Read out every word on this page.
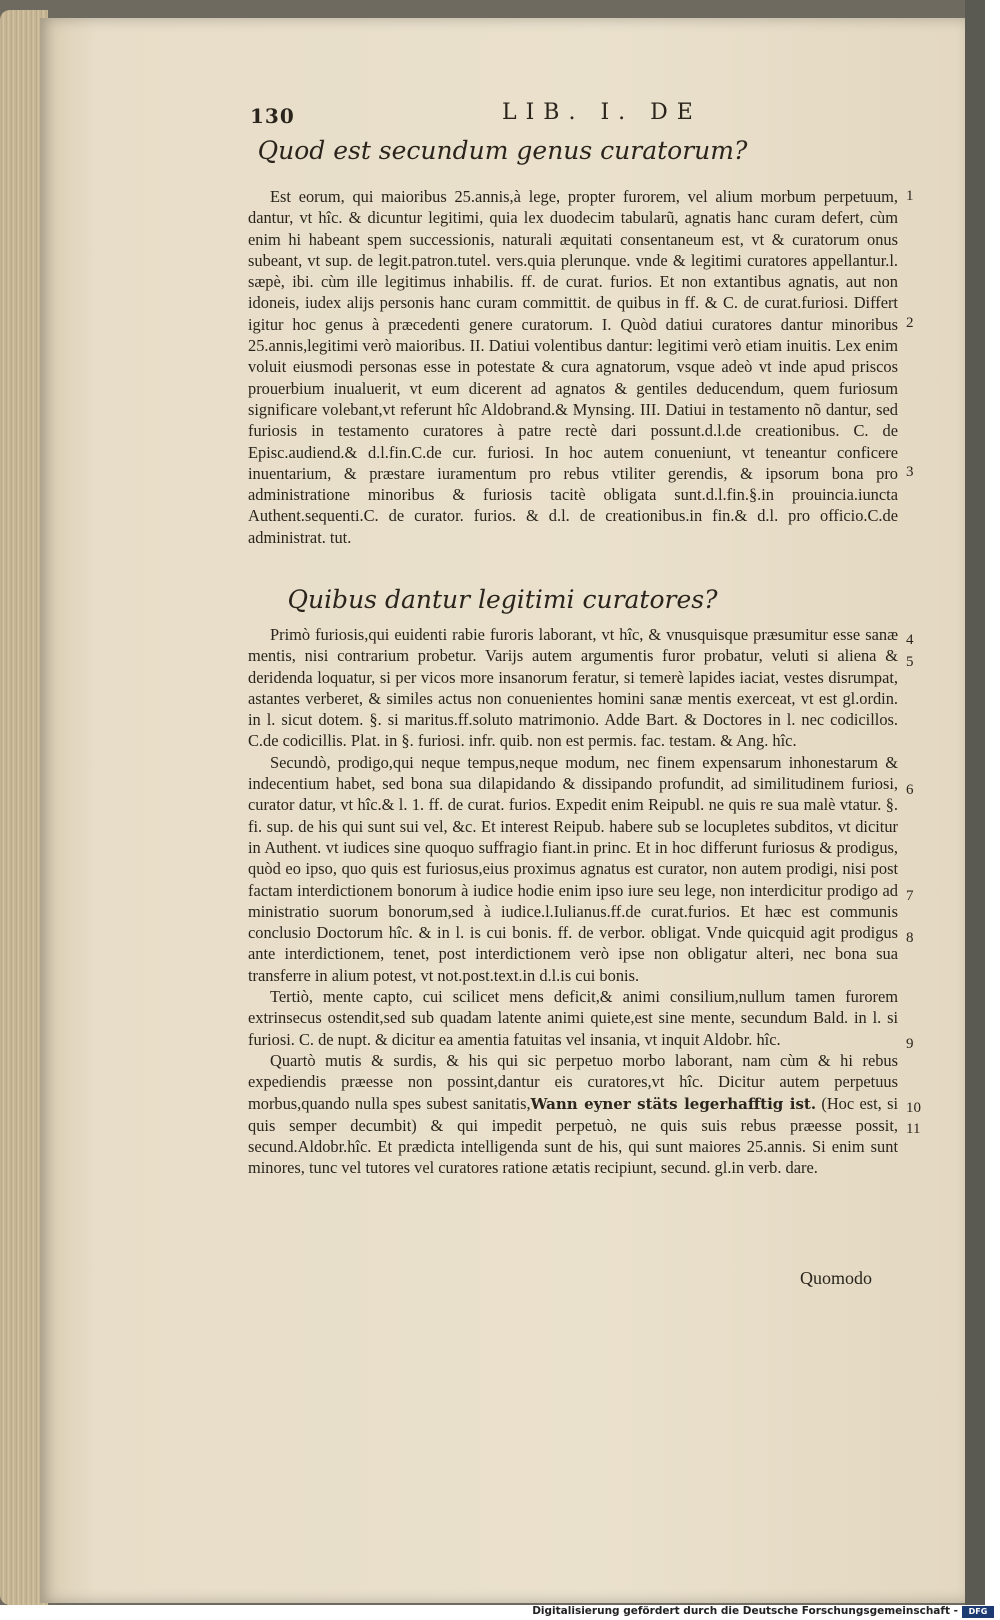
130	LIB. I. DE
Quod est secundum genus curatorum?

Est eorum, qui maioribus 25.annis,à lege, propter furorem, vel alium morbum perpetuum, dantur, vt hîc. & dicuntur legitimi, quia lex duodecim tabularũ, agnatis hanc curam defert, cùm enim hi habeant spem successionis, naturali æquitati consentaneum est, vt & curatorum onus subeant, vt sup. de legit.patron.tutel. vers.quia plerunque. vnde & legitimi curatores appellantur.l. sæpè, ibi. cùm ille legitimus inhabilis. ff. de curat. furios. Et non extantibus agnatis, aut non idoneis, iudex alijs personis hanc curam committit. de quibus in ff. & C. de curat.furiosi. Differt igitur hoc genus à præcedenti genere curatorum. I. Quòd datiui curatores dantur minoribus 25.annis,legitimi verò maioribus. II. Datiui volentibus dantur: legitimi verò etiam inuitis. Lex enim voluit eiusmodi personas esse in potestate & cura agnatorum, vsque adeò vt inde apud priscos prouerbium inualuerit, vt eum dicerent ad agnatos & gentiles deducendum, quem furiosum significare volebant,vt referunt hîc Aldobrand.& Mynsing. III. Datiui in testamento nõ dantur, sed furiosis in testamento curatores à patre rectè dari possunt.d.l.de creationibus. C. de Episc.audiend.& d.l.fin.C.de cur. furiosi. In hoc autem conueniunt, vt teneantur conficere inuentarium, & præstare iuramentum pro rebus vtiliter gerendis, & ipsorum bona pro administratione minoribus & furiosis tacitè obligata sunt.d.l.fin.§.in prouincia.iuncta Authent.sequenti.C. de curator. furios. & d.l. de creationibus.in fin.& d.l. pro officio.C.de administrat. tut.

Quibus dantur legitimi curatores?

Primò furiosis,qui euidenti rabie furoris laborant, vt hîc, & vnusquisque præsumitur esse sanæ mentis, nisi contrarium probetur. Varijs autem argumentis furor probatur, veluti si aliena & deridenda loquatur, si per vicos more insanorum feratur, si temerè lapides iaciat, vestes disrumpat, astantes verberet, & similes actus non conuenientes homini sanæ mentis exerceat, vt est gl.ordin. in l. sicut dotem. §. si maritus.ff.soluto matrimonio. Adde Bart. & Doctores in l. nec codicillos. C.de codicillis. Plat. in §. furiosi. infr. quib. non est permis. fac. testam. & Ang. hîc.

Secundò, prodigo,qui neque tempus,neque modum, nec finem expensarum inhonestarum & indecentium habet, sed bona sua dilapidando & dissipando profundit, ad similitudinem furiosi, curator datur, vt hîc.& l. 1. ff. de curat. furios. Expedit enim Reipubl. ne quis re sua malè vtatur. §. fi. sup. de his qui sunt sui vel, &c. Et interest Reipub. habere sub se locupletes subditos, vt dicitur in Authent. vt iudices sine quoquo suffragio fiant.in princ. Et in hoc differunt furiosus & prodigus, quòd eo ipso, quo quis est furiosus,eius proximus agnatus est curator, non autem prodigi, nisi post factam interdictionem bonorum à iudice hodie enim ipso iure seu lege, non interdicitur prodigo ad ministratio suorum bonorum,sed à iudice.l.Iulianus.ff.de curat.furios. Et hæc est communis conclusio Doctorum hîc. & in l. is cui bonis. ff. de verbor. obligat. Vnde quicquid agit prodigus ante interdictionem, tenet, post interdictionem verò ipse non obligatur alteri, nec bona sua transferre in alium potest, vt not.post.text.in d.l.is cui bonis.

Tertiò, mente capto, cui scilicet mens deficit,& animi consilium,nullum tamen furorem extrinsecus ostendit,sed sub quadam latente animi quiete,est sine mente, secundum Bald. in l. si furiosi. C. de nupt. & dicitur ea amentia fatuitas vel insania, vt inquit Aldobr. hîc.

Quartò mutis & surdis, & his qui sic perpetuo morbo laborant, nam cùm & hi rebus expediendis præesse non possint,dantur eis curatores,vt hîc. Dicitur autem perpetuus morbus,quando nulla spes subest sanitatis,Wann eyner stäts legerhafftig ist. (Hoc est, si quis semper decumbit) & qui impedit perpetuò, ne quis suis rebus præesse possit, secund.Aldobr.hîc. Et prædicta intelligenda sunt de his, qui sunt maiores 25.annis. Si enim sunt minores, tunc vel tutores vel curatores ratione ætatis recipiunt, secund. gl.in verb. dare.

1
2
3
4
5
6
7
8
9
10
11
Quomodo
Digitalisierung gefördert durch die Deutsche Forschungsgemeinschaft -	DFG
